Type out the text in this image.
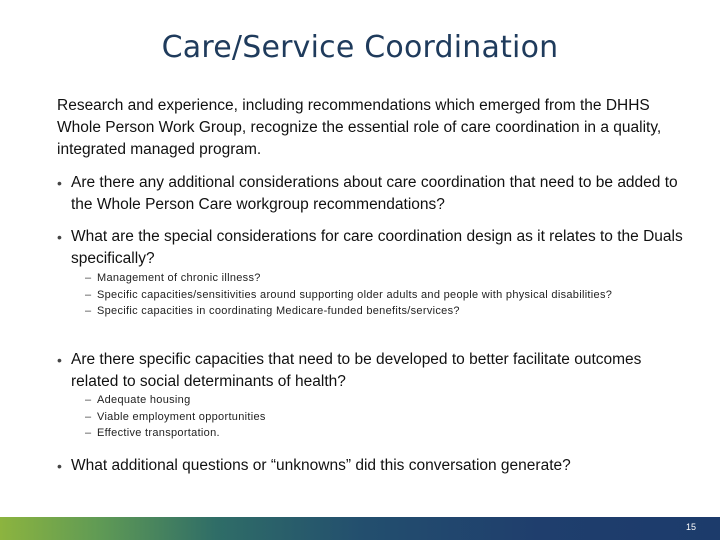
Care/Service Coordination
Research and experience, including recommendations which emerged from the DHHS Whole Person Work Group, recognize the essential role of care coordination in a quality, integrated managed program.
• Are there any additional considerations about care coordination that need to be added to the Whole Person Care workgroup recommendations?
• What are the special considerations for care coordination design as it relates to the Duals specifically?
– Management of chronic illness?
– Specific capacities/sensitivities around supporting older adults and people with physical disabilities?
– Specific capacities in coordinating Medicare-funded benefits/services?
• Are there specific capacities that need to be developed to better facilitate outcomes related to social determinants of health?
– Adequate housing
– Viable employment opportunities
– Effective transportation.
• What additional questions or “unknowns” did this conversation generate?
15
